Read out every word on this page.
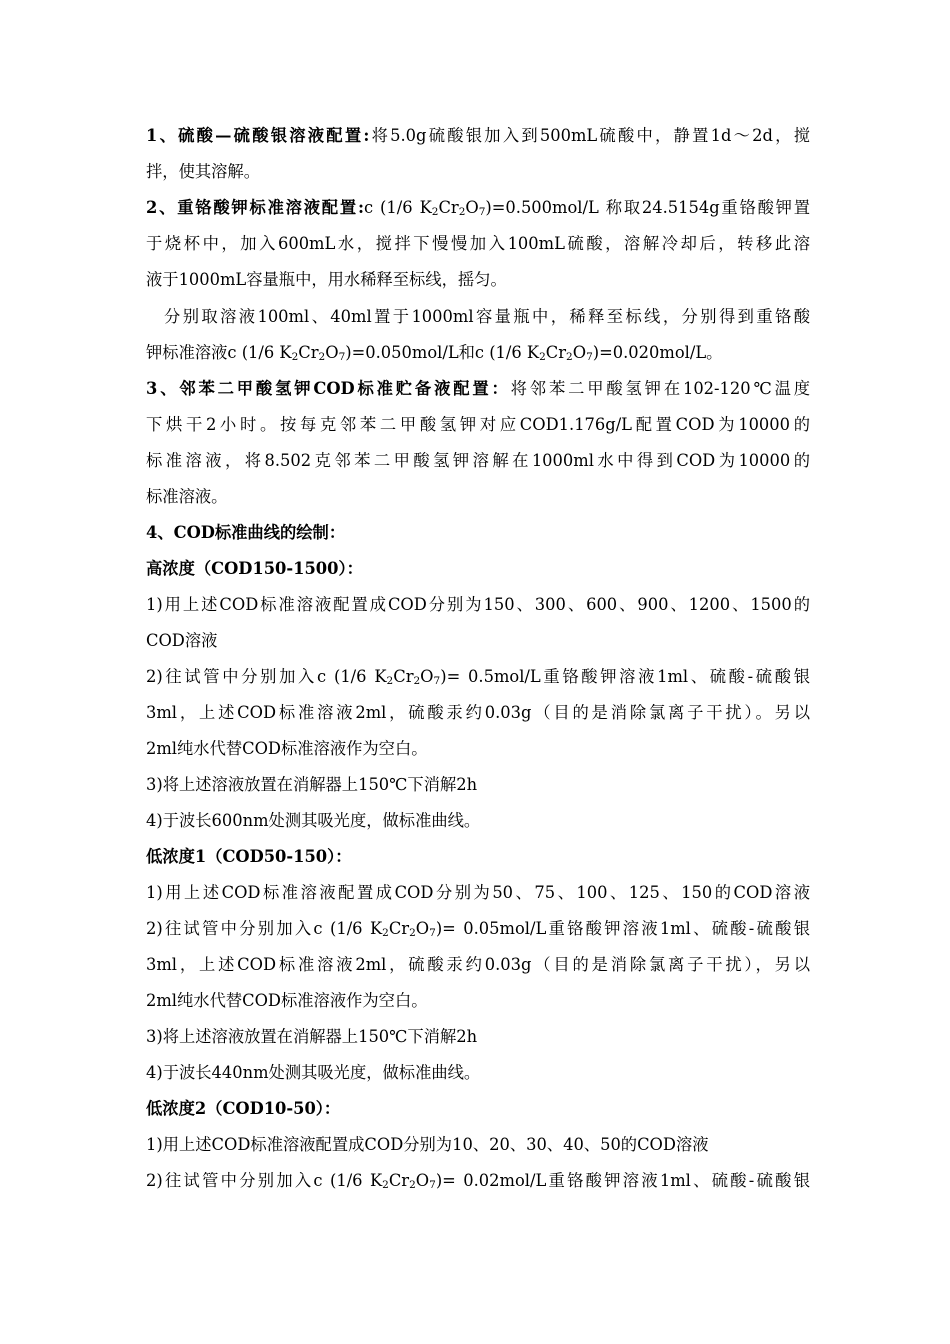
1、硫酸—硫酸银溶液配置:将5.0g硫酸银加入到500mL硫酸中，静置1d～2d，搅
拌，使其溶解。
2、重铬酸钾标准溶液配置:c (1/6 $K_2Cr_2O_7)=0.500mol/L$ 称取24.5154g重铬酸钾置
于烧杯中，加入600mL水，搅拌下慢慢加入100mL硫酸，溶解冷却后，转移此溶
液于1000mL容量瓶中，用水稀释至标线，摇匀。
分别取溶液100ml、40ml置于1000ml容量瓶中，稀释至标线，分别得到重铬酸
钾标准溶液c (1/6 $K_2Cr_2O_7)=0.050mol/L$和c (1/6 $K_2Cr_2O_7)=0.020mol/L$。
3、邻苯二甲酸氢钾COD标准贮备液配置：将邻苯二甲酸氢钾在102-120℃温度
下烘干2小时。按每克邻苯二甲酸氢钾对应COD1.176g/L配置COD为10000的
标准溶液，将8.502克邻苯二甲酸氢钾溶解在1000ml水中得到COD为10000的
标准溶液。
4、COD标准曲线的绘制：
高浓度（COD150-1500）：
1)用上述COD标准溶液配置成COD分别为150、300、600、900、1200、1500的
COD溶液
2)往试管中分别加入c (1/6 $K_2Cr_2O_7)= 0.5mol/L$重铬酸钾溶液1ml、硫酸-硫酸银
3ml，上述COD标准溶液2ml，硫酸汞约0.03g（目的是消除氯离子干扰）。另以
2ml纯水代替COD标准溶液作为空白。
3)将上述溶液放置在消解器上150℃下消解2h
4)于波长600nm处测其吸光度，做标准曲线。
低浓度1（COD50-150）：
1)用上述COD标准溶液配置成COD分别为50、75、100、125、150的COD溶液
2)往试管中分别加入c (1/6 $K_2Cr_2O_7)= 0.05mol/L$重铬酸钾溶液1ml、硫酸-硫酸银
3ml，上述COD标准溶液2ml，硫酸汞约0.03g（目的是消除氯离子干扰），另以
2ml纯水代替COD标准溶液作为空白。
3)将上述溶液放置在消解器上150℃下消解2h
4)于波长440nm处测其吸光度，做标准曲线。
低浓度2（COD10-50）：
1)用上述COD标准溶液配置成COD分别为10、20、30、40、50的COD溶液
2)往试管中分别加入c (1/6 $K_2Cr_2O_7)= 0.02mol/L$重铬酸钾溶液1ml、硫酸-硫酸银
